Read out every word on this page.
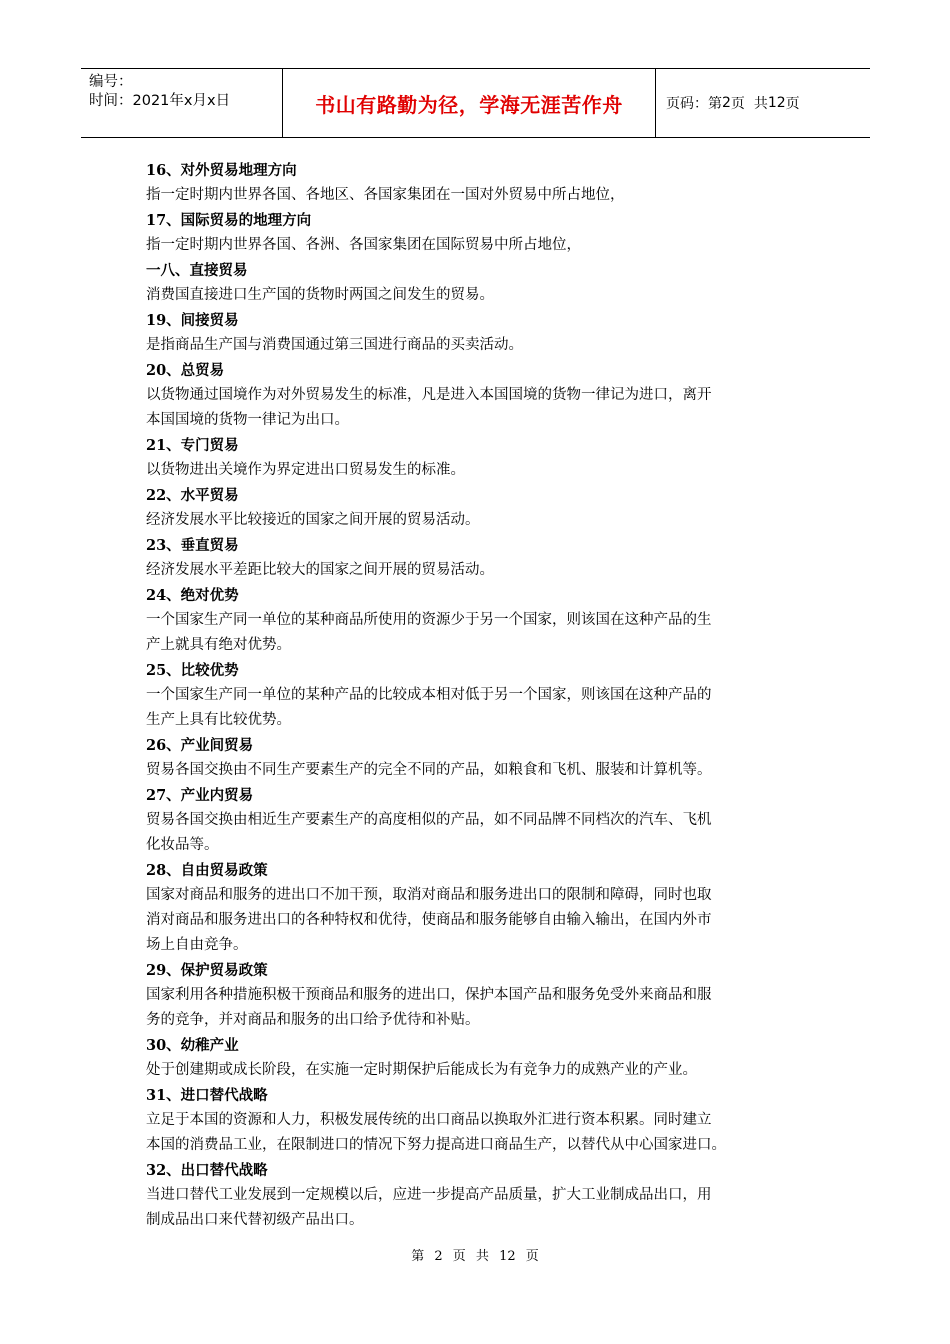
编号：
时间：2021年x月x日	书山有路勤为径，学海无涯苦作舟	页码：第 2 页  共 12 页
16、对外贸易地理方向
指一定时期内世界各国、各地区、各国家集团在一国对外贸易中所占地位，
17、国际贸易的地理方向
指一定时期内世界各国、各洲、各国家集团在国际贸易中所占地位，
一八、直接贸易
消费国直接进口生产国的货物时两国之间发生的贸易。
19、间接贸易
是指商品生产国与消费国通过第三国进行商品的买卖活动。
20、总贸易
以货物通过国境作为对外贸易发生的标准，凡是进入本国国境的货物一律记为进口，离开
本国国境的货物一律记为出口。
21、专门贸易
以货物进出关境作为界定进出口贸易发生的标准。
22、水平贸易
经济发展水平比较接近的国家之间开展的贸易活动。
23、垂直贸易
经济发展水平差距比较大的国家之间开展的贸易活动。
24、绝对优势
一个国家生产同一单位的某种商品所使用的资源少于另一个国家，则该国在这种产品的生
产上就具有绝对优势。
25、比较优势
一个国家生产同一单位的某种产品的比较成本相对低于另一个国家，则该国在这种产品的
生产上具有比较优势。
26、产业间贸易
贸易各国交换由不同生产要素生产的完全不同的产品，如粮食和飞机、服装和计算机等。
27、产业内贸易
贸易各国交换由相近生产要素生产的高度相似的产品，如不同品牌不同档次的汽车、飞机
化妆品等。
28、自由贸易政策
国家对商品和服务的进出口不加干预，取消对商品和服务进出口的限制和障碍，同时也取
消对商品和服务进出口的各种特权和优待，使商品和服务能够自由输入输出，在国内外市
场上自由竞争。
29、保护贸易政策
国家利用各种措施积极干预商品和服务的进出口，保护本国产品和服务免受外来商品和服
务的竞争，并对商品和服务的出口给予优待和补贴。
30、幼稚产业
处于创建期或成长阶段，在实施一定时期保护后能成长为有竞争力的成熟产业的产业。
31、进口替代战略
立足于本国的资源和人力，积极发展传统的出口商品以换取外汇进行资本积累。同时建立
本国的消费品工业，在限制进口的情况下努力提高进口商品生产，以替代从中心国家进口。
32、出口替代战略
当进口替代工业发展到一定规模以后，应进一步提高产品质量，扩大工业制成品出口，用
制成品出口来代替初级产品出口。
第 2 页 共 12 页
